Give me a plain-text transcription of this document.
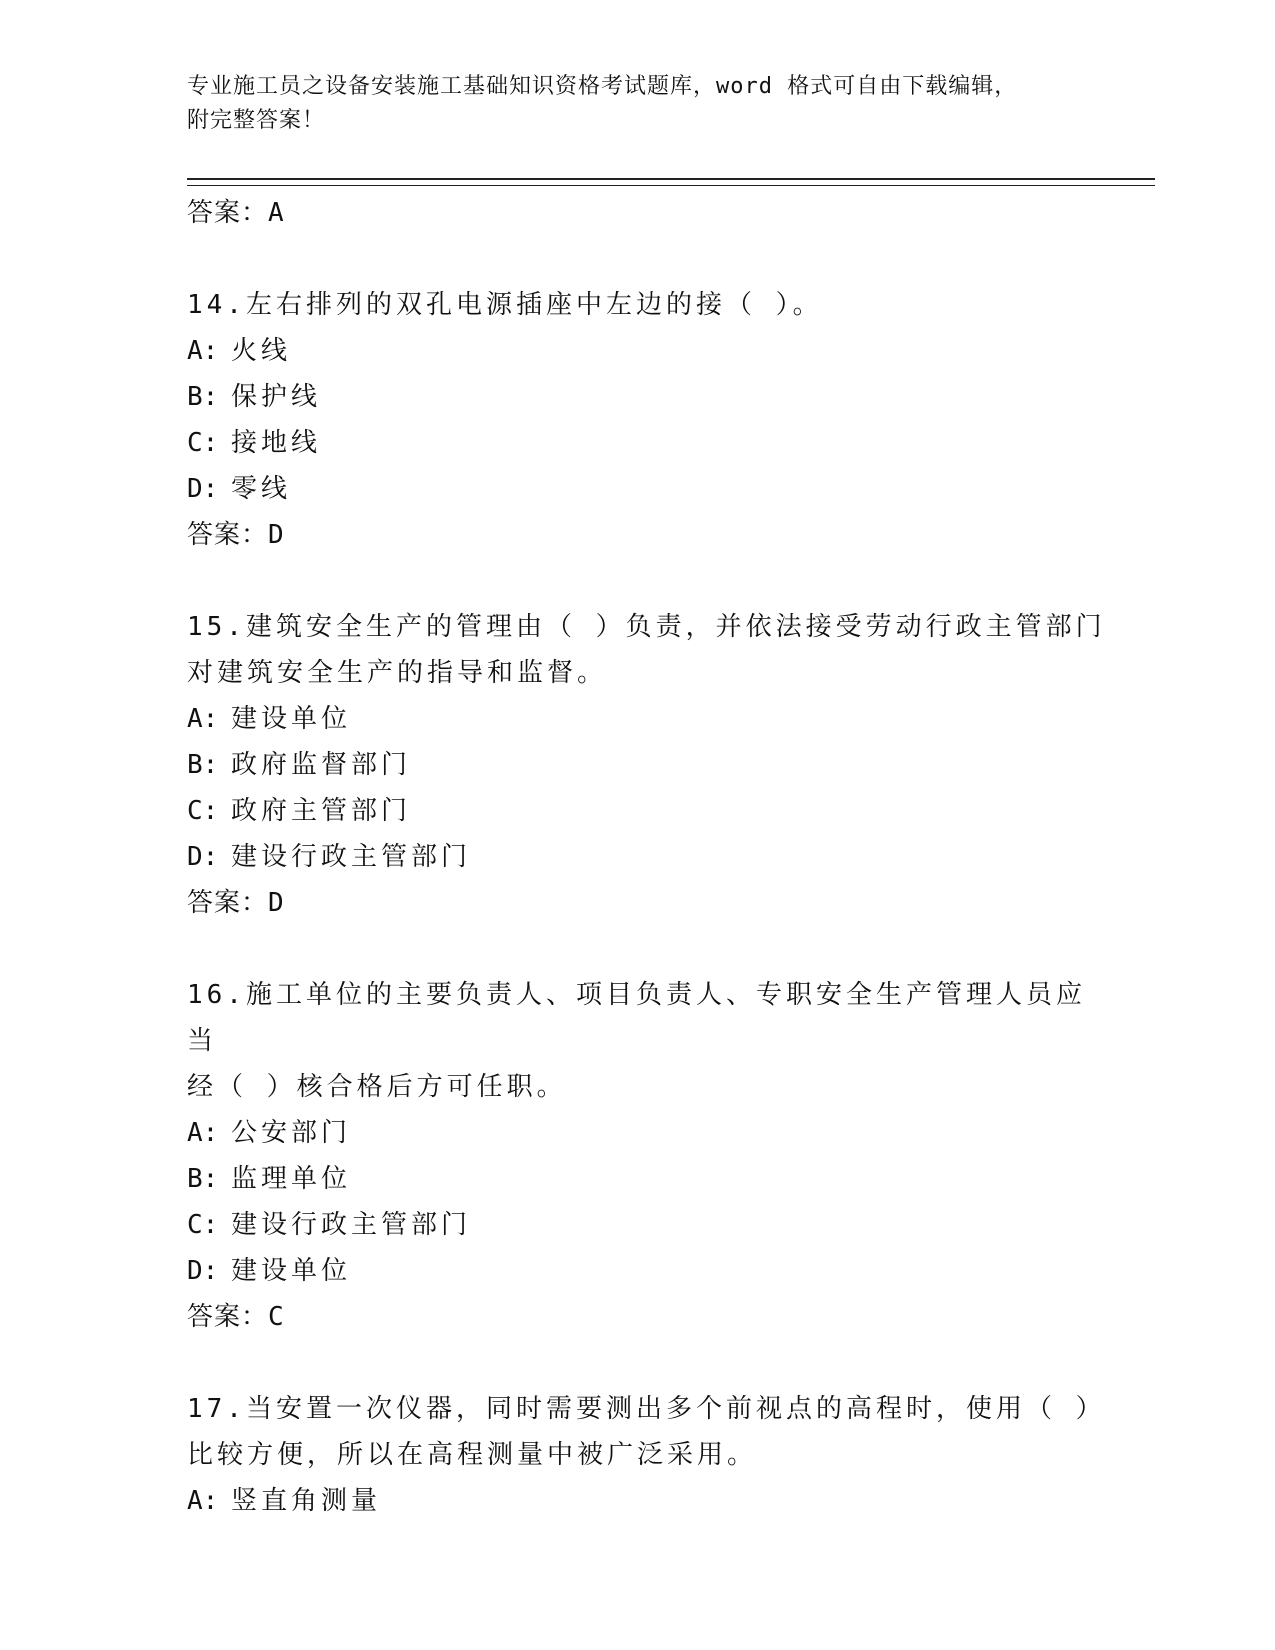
专业施工员之设备安装施工基础知识资格考试题库，word 格式可自由下载编辑，

附完整答案！

答案：A

14.左右排列的双孔电源插座中左边的接（ ）。

A: 火线
B: 保护线
C: 接地线
D: 零线
答案：D

15.建筑安全生产的管理由（ ）负责，并依法接受劳动行政主管部门

对建筑安全生产的指导和监督。

A: 建设单位
B: 政府监督部门
C: 政府主管部门
D: 建设行政主管部门
答案：D

16.施工单位的主要负责人、项目负责人、专职安全生产管理人员应当

经（ ）核合格后方可任职。

A: 公安部门
B: 监理单位
C: 建设行政主管部门
D: 建设单位
答案：C

17.当安置一次仪器，同时需要测出多个前视点的高程时，使用（ ）

比较方便，所以在高程测量中被广泛采用。

A: 竖直角测量
